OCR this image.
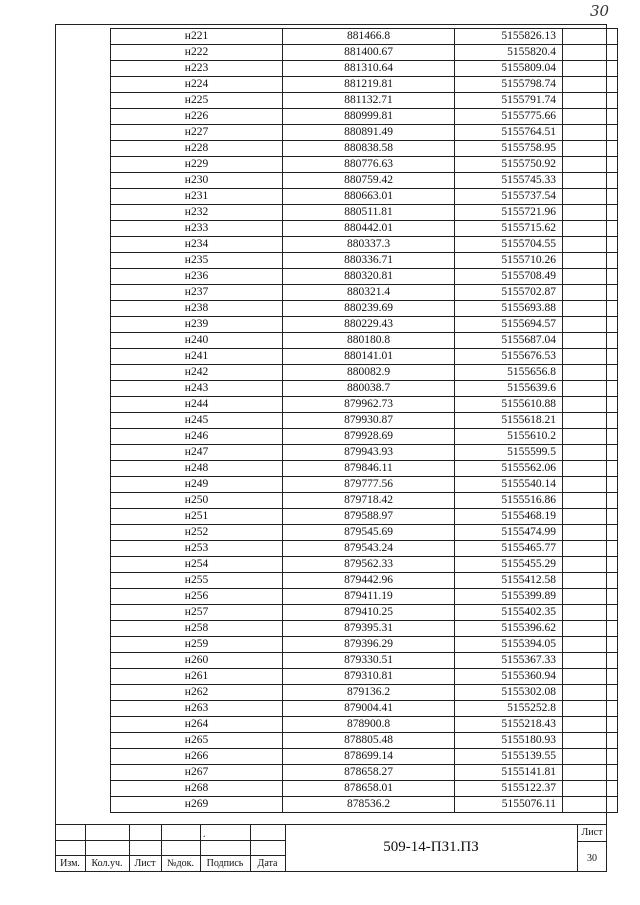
30
н221	881466.8	5155826.13	
н222	881400.67	5155820.4	
н223	881310.64	5155809.04	
н224	881219.81	5155798.74	
н225	881132.71	5155791.74	
н226	880999.81	5155775.66	
н227	880891.49	5155764.51	
н228	880838.58	5155758.95	
н229	880776.63	5155750.92	
н230	880759.42	5155745.33	
н231	880663.01	5155737.54	
н232	880511.81	5155721.96	
н233	880442.01	5155715.62	
н234	880337.3	5155704.55	
н235	880336.71	5155710.26	
н236	880320.81	5155708.49	
н237	880321.4	5155702.87	
н238	880239.69	5155693.88	
н239	880229.43	5155694.57	
н240	880180.8	5155687.04	
н241	880141.01	5155676.53	
н242	880082.9	5155656.8	
н243	880038.7	5155639.6	
н244	879962.73	5155610.88	
н245	879930.87	5155618.21	
н246	879928.69	5155610.2	
н247	879943.93	5155599.5	
н248	879846.11	5155562.06	
н249	879777.56	5155540.14	
н250	879718.42	5155516.86	
н251	879588.97	5155468.19	
н252	879545.69	5155474.99	
н253	879543.24	5155465.77	
н254	879562.33	5155455.29	
н255	879442.96	5155412.58	
н256	879411.19	5155399.89	
н257	879410.25	5155402.35	
н258	879395.31	5155396.62	
н259	879396.29	5155394.05	
н260	879330.51	5155367.33	
н261	879310.81	5155360.94	
н262	879136.2	5155302.08	
н263	879004.41	5155252.8	
н264	878900.8	5155218.43	
н265	878805.48	5155180.93	
н266	878699.14	5155139.55	
н267	878658.27	5155141.81	
н268	878658.01	5155122.37	
н269	878536.2	5155076.11	
.
Изм.	Кол.уч.	Лист	№док.	Подпись	Дата
509-14-ПЗ1.ПЗ
Лист
30
